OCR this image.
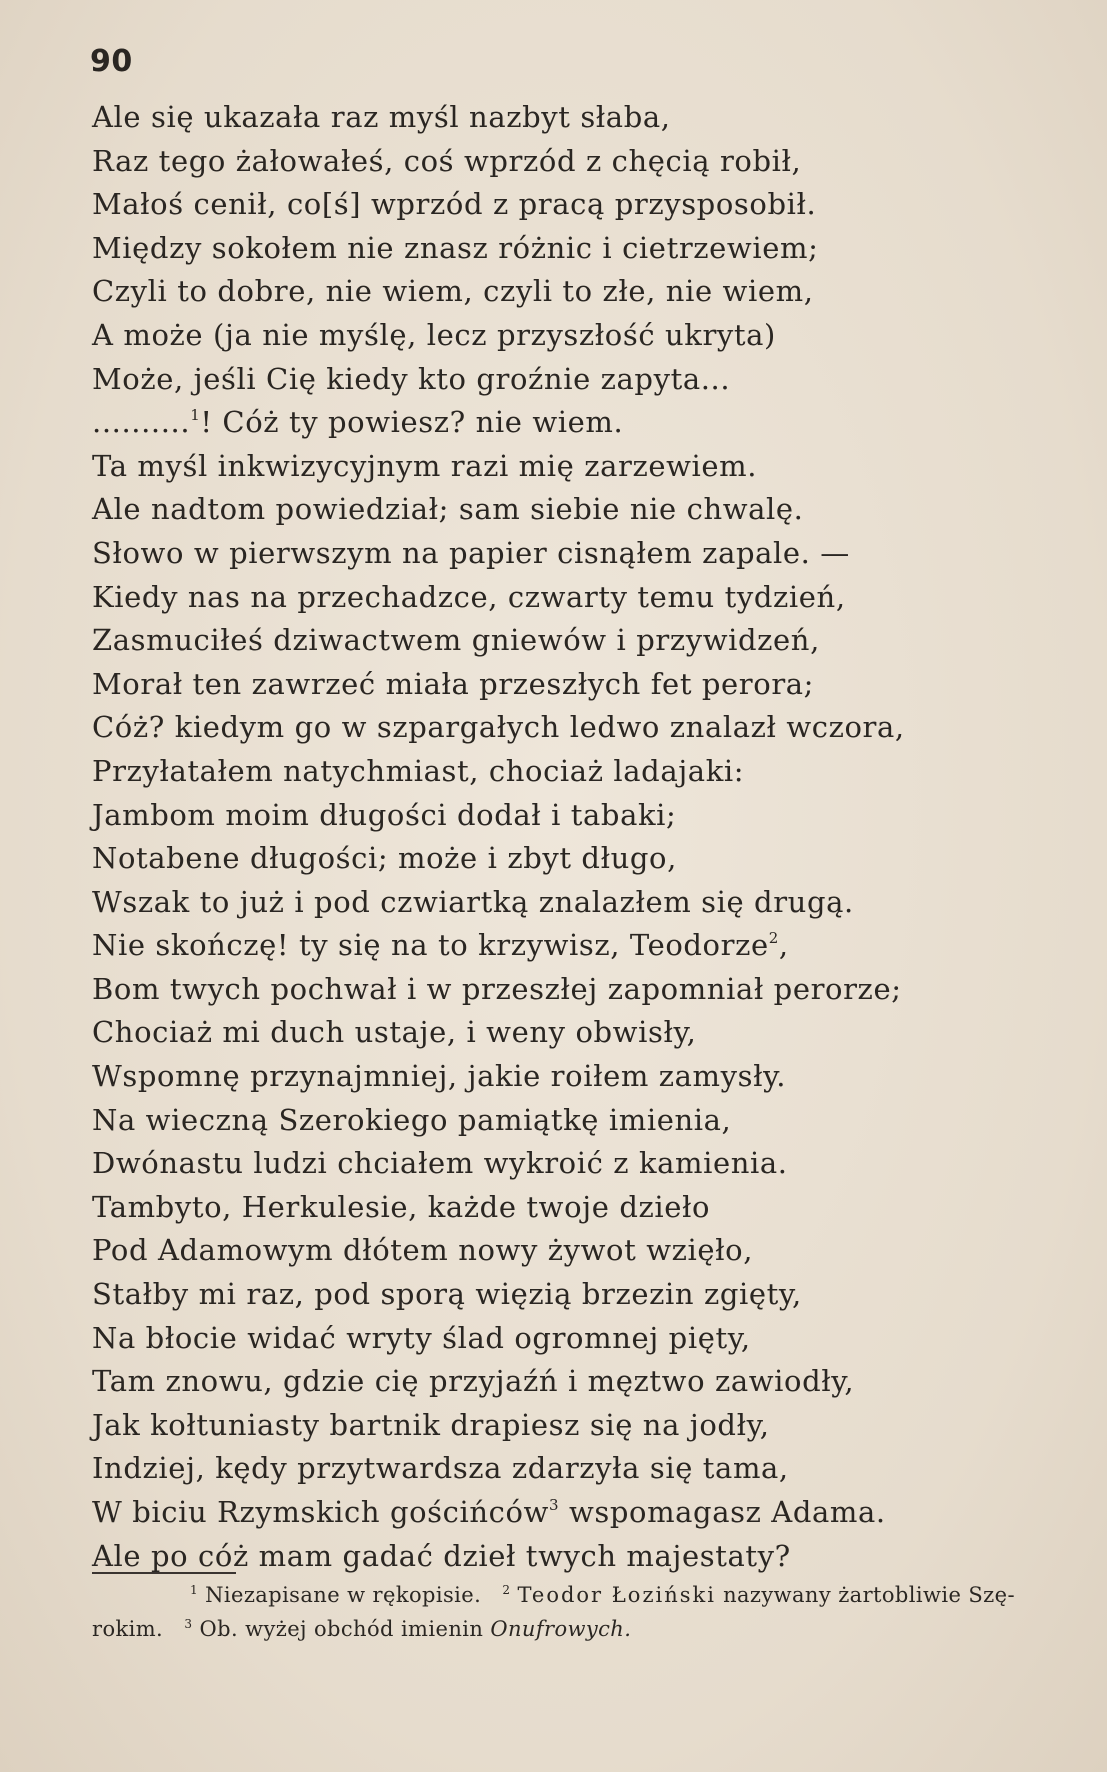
90
Ale się ukazała raz myśl nazbyt słaba,
Raz tego żałowałeś, coś wprzód z chęcią robił,
Małoś cenił, co[ś] wprzód z pracą przysposobił.
Między sokołem nie znasz różnic i cietrzewiem;
Czyli to dobre, nie wiem, czyli to złe, nie wiem,
A może (ja nie myślę, lecz przyszłość ukryta)
Może, jeśli Cię kiedy kto groźnie zapyta...
..........$^1$! Cóż ty powiesz? nie wiem.
Ta myśl inkwizycyjnym razi mię zarzewiem.
Ale nadtom powiedział; sam siebie nie chwalę.
Słowo w pierwszym na papier cisnąłem zapale. —
Kiedy nas na przechadzce, czwarty temu tydzień,
Zasmuciłeś dziwactwem gniewów i przywidzeń,
Morał ten zawrzeć miała przeszłych fet perora;
Cóż? kiedym go w szpargałych ledwo znalazł wczora,
Przyłatałem natychmiast, chociaż ladajaki:
Jambom moim długości dodał i tabaki;
Notabene długości; może i zbyt długo,
Wszak to już i pod czwiartką znalazłem się drugą.
Nie skończę! ty się na to krzywisz, Teodorze$^2$,
Bom twych pochwał i w przeszłej zapomniał perorze;
Chociaż mi duch ustaje, i weny obwisły,
Wspomnę przynajmniej, jakie roiłem zamysły.
Na wieczną Szerokiego pamiątkę imienia,
Dwónastu ludzi chciałem wykroić z kamienia.
Tambyto, Herkulesie, każde twoje dzieło
Pod Adamowym dłótem nowy żywot wzięło,
Stałby mi raz, pod sporą więzią brzezin zgięty,
Na błocie widać wryty ślad ogromnej pięty,
Tam znowu, gdzie cię przyjaźń i męztwo zawiodły,
Jak kołtuniasty bartnik drapiesz się na jodły,
Indziej, kędy przytwardsza zdarzyła się tama,
W biciu Rzymskich gościńców$^3$ wspomagasz Adama.
Ale po cóż mam gadać dzieł twych majestaty?
$^1$ Niezapisane w rękopisie. $^2$ Teodor Łoziński nazywany żartobliwie Szę-
rokim. $^3$ Ob. wyżej obchód imienin Onufrowych.
